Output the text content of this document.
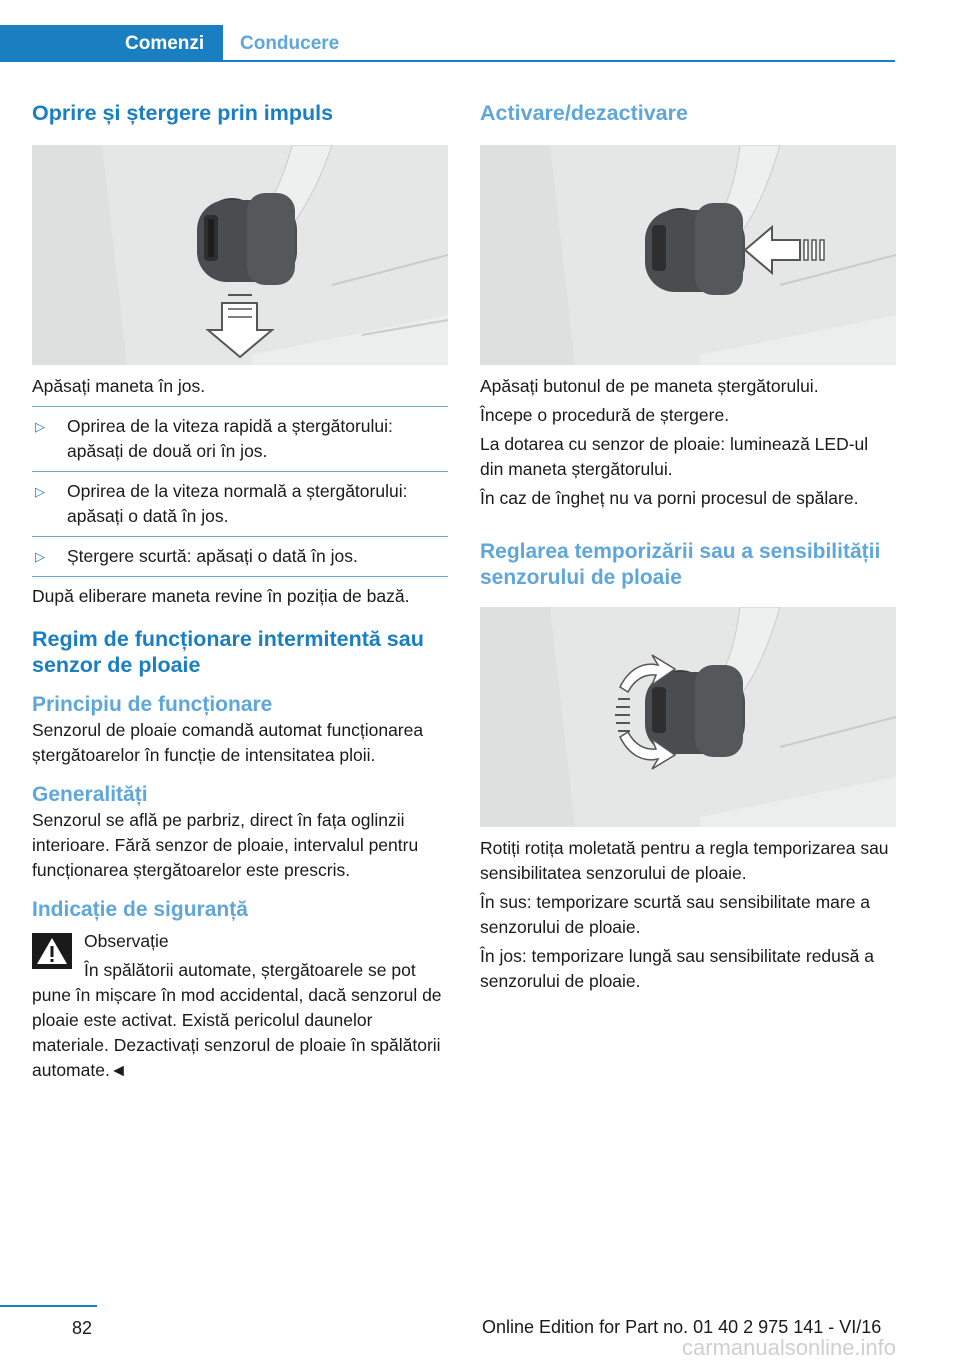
Comenzi	Conducere
Oprire și ștergere prin impuls

Apăsați maneta în jos.

▷ Oprirea de la viteza rapidă a ștergătorului: apăsați de două ori în jos.
▷ Oprirea de la viteza normală a ștergătorului: apăsați o dată în jos.
▷ Ștergere scurtă: apăsați o dată în jos.

După eliberare maneta revine în poziția de bază.

Regim de funcționare intermitentă sau senzor de ploaie
Principiu de funcționare

Senzorul de ploaie comandă automat funcționarea ștergătoarelor în funcție de intensitatea ploii.

Generalități

Senzorul se află pe parbriz, direct în fața oglinzii interioare. Fără senzor de ploaie, intervalul pentru funcționarea ștergătoarelor este prescris.

Indicație de siguranță

Observație

În spălătorii automate, ștergătoarele se pot pune în mișcare în mod accidental, dacă senzorul de ploaie este activat. Există pericolul daunelor materiale. Dezactivați senzorul de ploaie în spălătorii automate.◄

Activare/dezactivare

Apăsați butonul de pe maneta ștergătorului.

Începe o procedură de ștergere.

La dotarea cu senzor de ploaie: luminează LED-ul din maneta ștergătorului.

În caz de îngheț nu va porni procesul de spălare.

Reglarea temporizării sau a sensibilității senzorului de ploaie

Rotiți rotița moletată pentru a regla temporizarea sau sensibilitatea senzorului de ploaie.

În sus: temporizare scurtă sau sensibilitate mare a senzorului de ploaie.

În jos: temporizare lungă sau sensibilitate redusă a senzorului de ploaie.

82	Online Edition for Part no. 01 40 2 975 141 - VI/16
carmanualsonline.info
